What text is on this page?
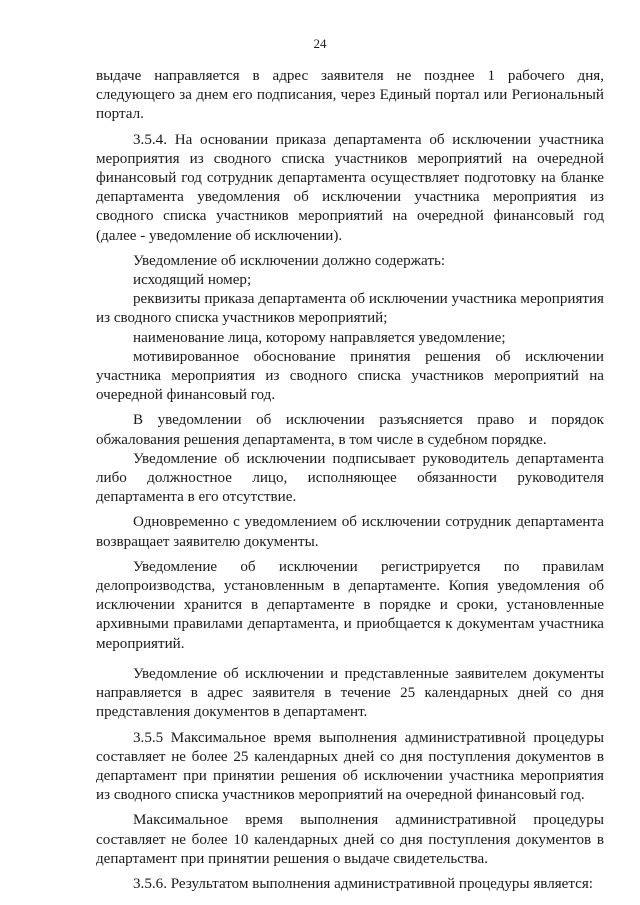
24

выдаче направляется в адрес заявителя не позднее 1 рабочего дня, следующего за днем его подписания, через Единый портал или Региональный портал.

3.5.4. На основании приказа департамента об исключении участника мероприятия из сводного списка участников мероприятий на очередной финансовый год сотрудник департамента осуществляет подготовку на бланке департамента уведомления об исключении участника мероприятия из сводного списка участников мероприятий на очередной финансовый год (далее - уведомление об исключении).

Уведомление об исключении должно содержать:

исходящий номер;

реквизиты приказа департамента об исключении участника мероприятия из сводного списка участников мероприятий;

наименование лица, которому направляется уведомление;

мотивированное обоснование принятия решения об исключении участника мероприятия из сводного списка участников мероприятий на очередной финансовый год.

В уведомлении об исключении разъясняется право и порядок обжалования решения департамента, в том числе в судебном порядке.

Уведомление об исключении подписывает руководитель департамента либо должностное лицо, исполняющее обязанности руководителя департамента в его отсутствие.

Одновременно с уведомлением об исключении сотрудник департамента возвращает заявителю документы.

Уведомление об исключении регистрируется по правилам делопроизводства, установленным в департаменте. Копия уведомления об исключении хранится в департаменте в порядке и сроки, установленные архивными правилами департамента, и приобщается к документам участника мероприятий.

Уведомление об исключении и представленные заявителем документы направляется в адрес заявителя в течение 25 календарных дней со дня представления документов в департамент.

3.5.5 Максимальное время выполнения административной процедуры составляет не более 25 календарных дней со дня поступления документов в департамент при принятии решения об исключении участника мероприятия из сводного списка участников мероприятий на очередной финансовый год.

Максимальное время выполнения административной процедуры составляет не более 10 календарных дней со дня поступления документов в департамент при принятии решения о выдаче свидетельства.

3.5.6. Результатом выполнения административной процедуры является:
